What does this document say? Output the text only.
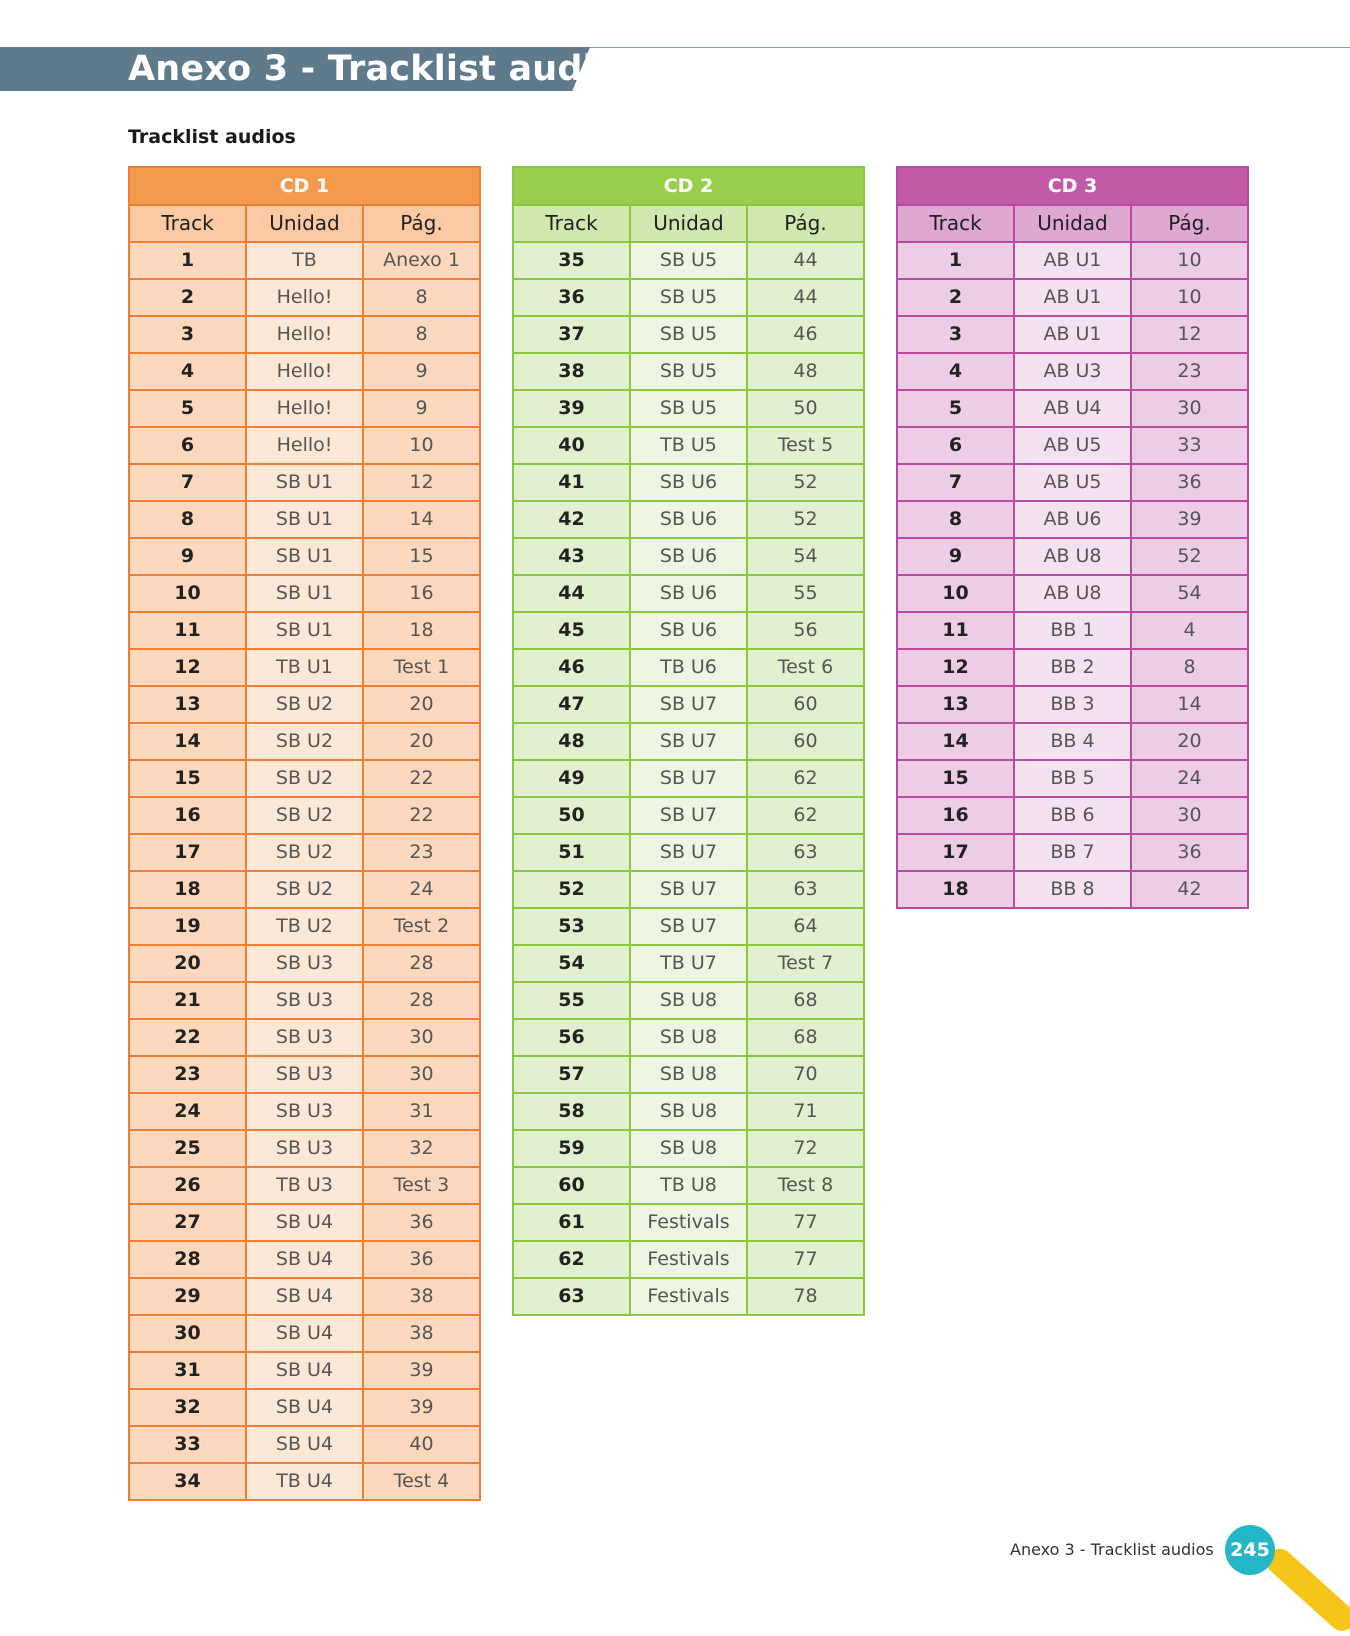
Anexo 3 - Tracklist audios
Tracklist audios
CD 1		
Track	Unidad	Pág.
1	TB	Anexo 1
2	Hello!	8
3	Hello!	8
4	Hello!	9
5	Hello!	9
6	Hello!	10
7	SB U1	12
8	SB U1	14
9	SB U1	15
10	SB U1	16
11	SB U1	18
12	TB U1	Test 1
13	SB U2	20
14	SB U2	20
15	SB U2	22
16	SB U2	22
17	SB U2	23
18	SB U2	24
19	TB U2	Test 2
20	SB U3	28
21	SB U3	28
22	SB U3	30
23	SB U3	30
24	SB U3	31
25	SB U3	32
26	TB U3	Test 3
27	SB U4	36
28	SB U4	36
29	SB U4	38
30	SB U4	38
31	SB U4	39
32	SB U4	39
33	SB U4	40
34	TB U4	Test 4
CD 2		
Track	Unidad	Pág.
35	SB U5	44
36	SB U5	44
37	SB U5	46
38	SB U5	48
39	SB U5	50
40	TB U5	Test 5
41	SB U6	52
42	SB U6	52
43	SB U6	54
44	SB U6	55
45	SB U6	56
46	TB U6	Test 6
47	SB U7	60
48	SB U7	60
49	SB U7	62
50	SB U7	62
51	SB U7	63
52	SB U7	63
53	SB U7	64
54	TB U7	Test 7
55	SB U8	68
56	SB U8	68
57	SB U8	70
58	SB U8	71
59	SB U8	72
60	TB U8	Test 8
61	Festivals	77
62	Festivals	77
63	Festivals	78
CD 3		
Track	Unidad	Pág.
1	AB U1	10
2	AB U1	10
3	AB U1	12
4	AB U3	23
5	AB U4	30
6	AB U5	33
7	AB U5	36
8	AB U6	39
9	AB U8	52
10	AB U8	54
11	BB 1	4
12	BB 2	8
13	BB 3	14
14	BB 4	20
15	BB 5	24
16	BB 6	30
17	BB 7	36
18	BB 8	42
Anexo 3 - Tracklist audios 245
